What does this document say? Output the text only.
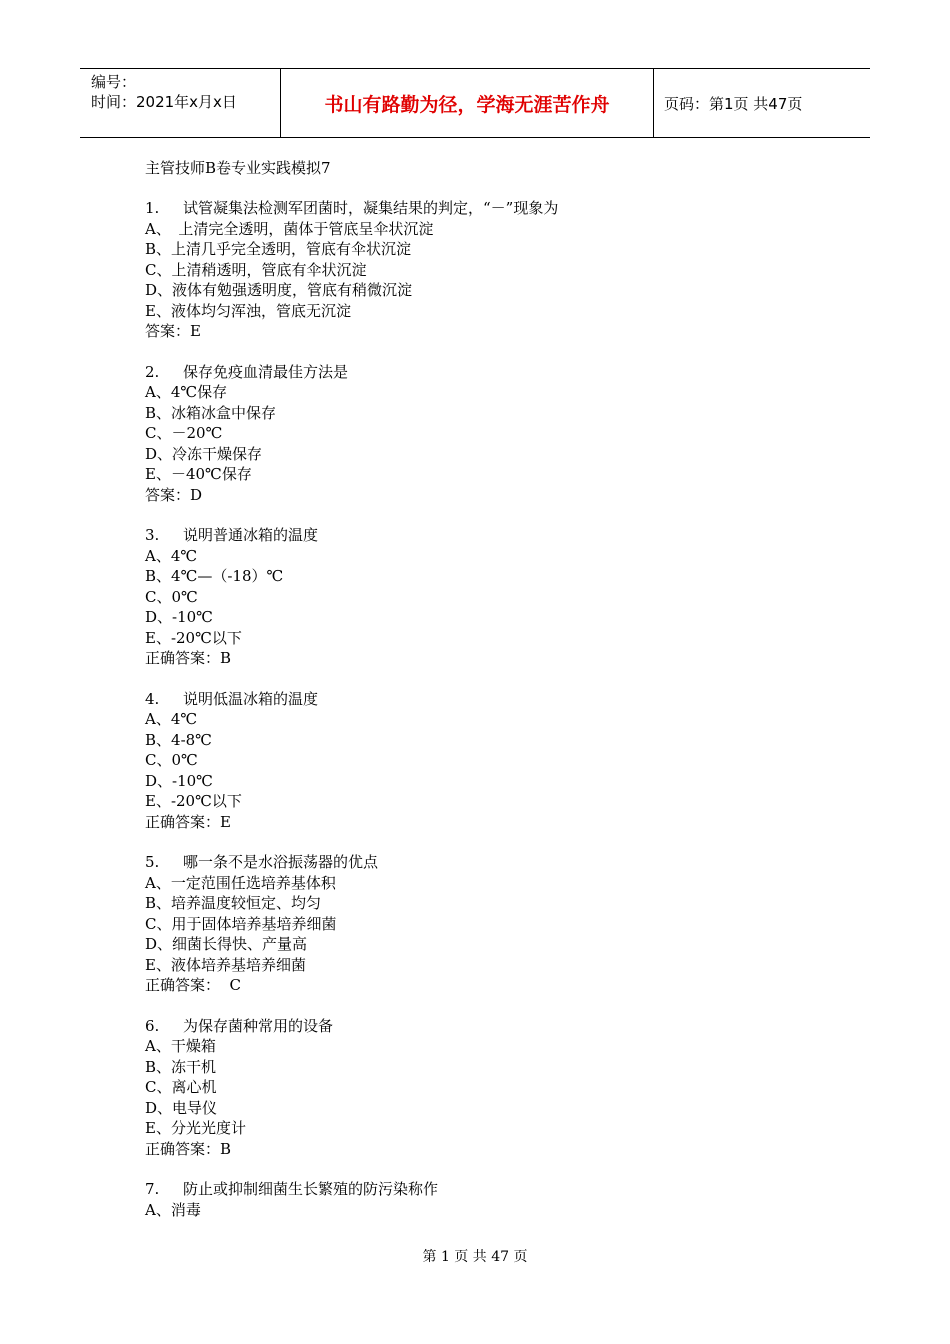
编号：
时间：2021年x月x日	书山有路勤为径，学海无涯苦作舟	页码：第1页 共47页
主管技师B卷专业实践模拟7
1. 试管凝集法检测军团菌时，凝集结果的判定，“－”现象为
A、　上清完全透明，菌体于管底呈伞状沉淀
B、上清几乎完全透明，管底有伞状沉淀
C、上清稍透明，管底有伞状沉淀
D、液体有勉强透明度，管底有稍微沉淀
E、液体均匀浑浊，管底无沉淀
答案：E
2. 保存免疫血清最佳方法是
A、4℃保存
B、冰箱冰盒中保存
C、－20℃
D、冷冻干燥保存
E、－40℃保存
答案：D
3. 说明普通冰箱的温度
A、4℃
B、4℃—（-18）℃
C、0℃
D、-10℃
E、-20℃以下
正确答案：B
4. 说明低温冰箱的温度
A、4℃
B、4-8℃
C、0℃
D、-10℃
E、-20℃以下
正确答案：E
5. 哪一条不是水浴振荡器的优点
A、一定范围任选培养基体积
B、培养温度较恒定、均匀
C、用于固体培养基培养细菌
D、细菌长得快、产量高
E、液体培养基培养细菌
正确答案：  C
6. 为保存菌种常用的设备
A、干燥箱
B、冻干机
C、离心机
D、电导仪
E、分光光度计
正确答案：B
7. 防止或抑制细菌生长繁殖的防污染称作
A、消毒
第 1 页 共 47 页
